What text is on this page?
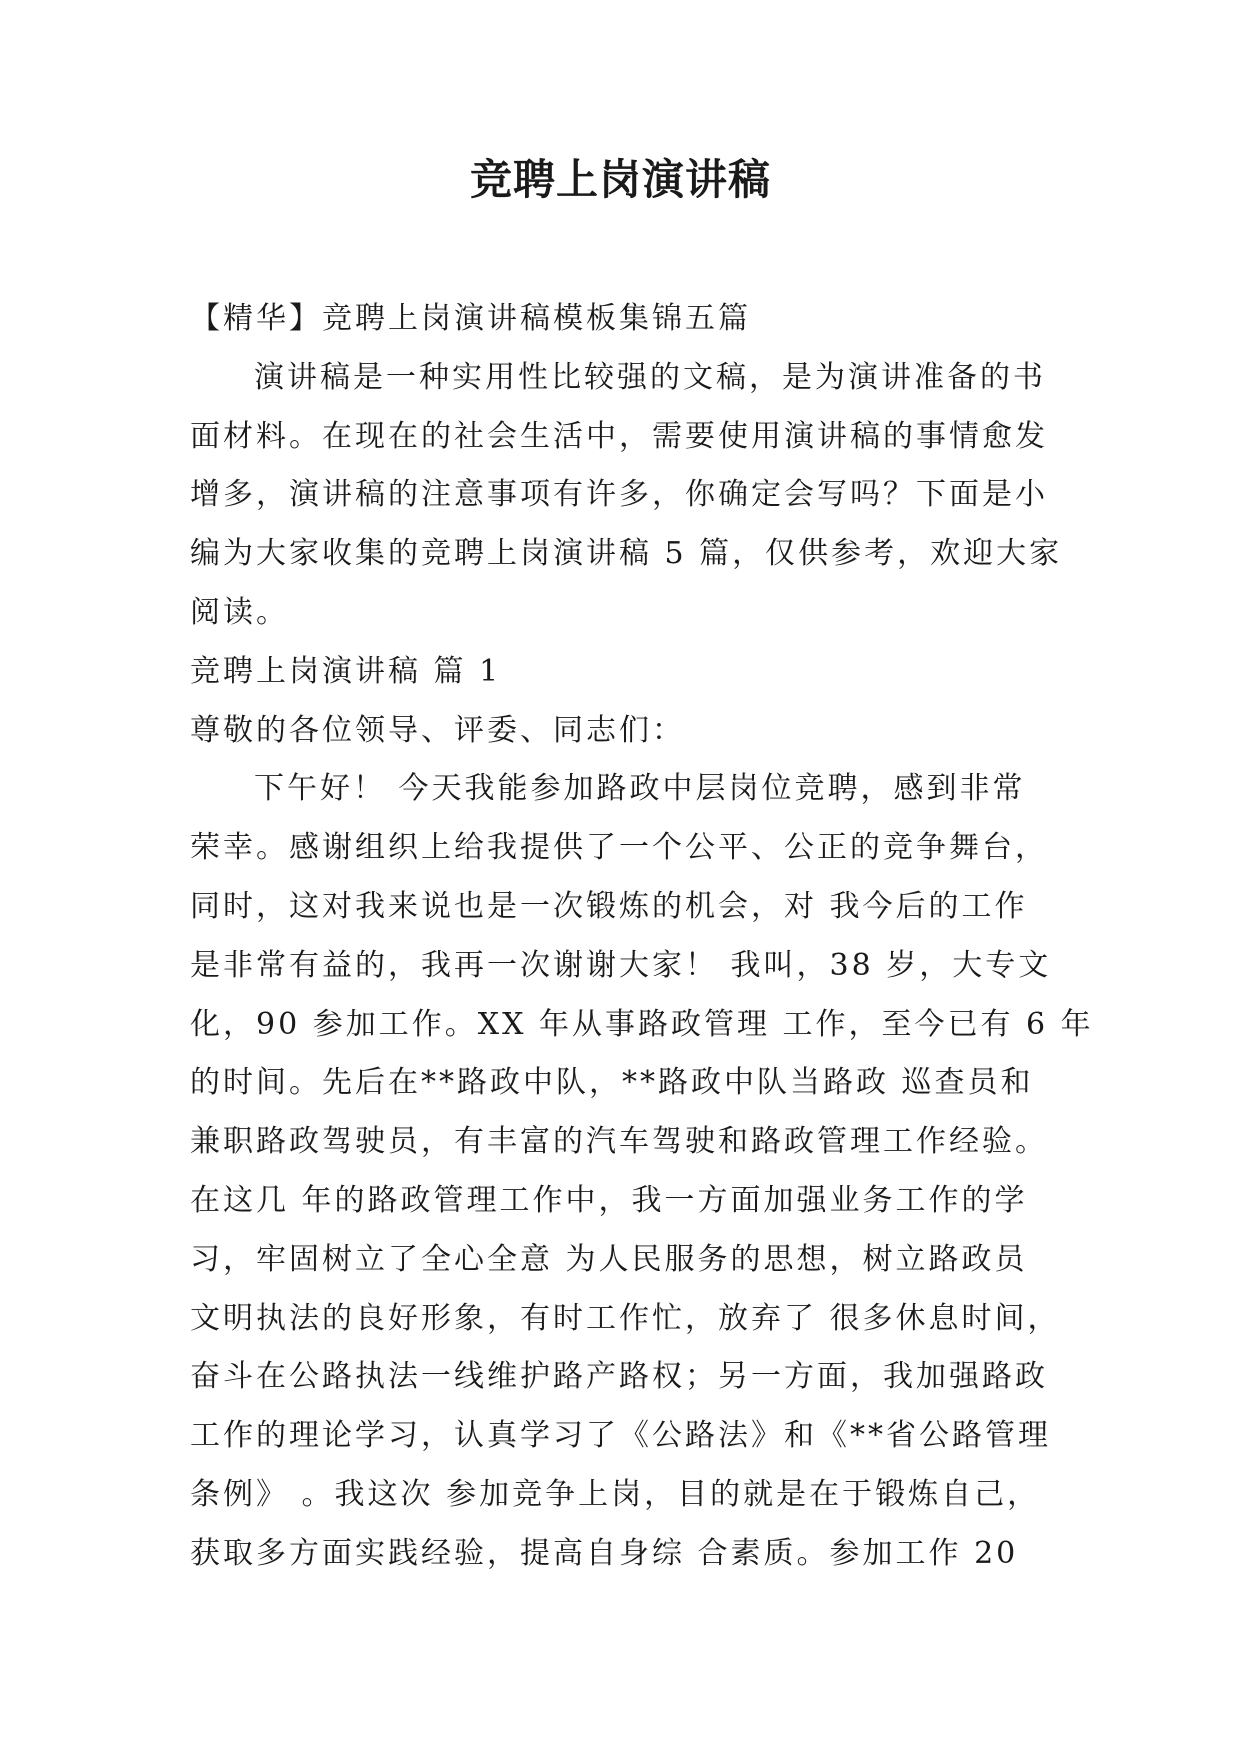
竞聘上岗演讲稿
【精华】竞聘上岗演讲稿模板集锦五篇
演讲稿是一种实用性比较强的文稿，是为演讲准备的书
面材料。在现在的社会生活中，需要使用演讲稿的事情愈发
增多，演讲稿的注意事项有许多，你确定会写吗？下面是小
编为大家收集的竞聘上岗演讲稿 5 篇，仅供参考，欢迎大家
阅读。
竞聘上岗演讲稿 篇 1
尊敬的各位领导、评委、同志们：
下午好！ 今天我能参加路政中层岗位竞聘，感到非常
荣幸。感谢组织上给我提供了一个公平、公正的竞争舞台，
同时，这对我来说也是一次锻炼的机会，对 我今后的工作
是非常有益的，我再一次谢谢大家！ 我叫，38 岁，大专文
化，90 参加工作。XX 年从事路政管理 工作，至今已有 6 年
的时间。先后在**路政中队，**路政中队当路政 巡查员和
兼职路政驾驶员，有丰富的汽车驾驶和路政管理工作经验。
在这几 年的路政管理工作中，我一方面加强业务工作的学
习，牢固树立了全心全意 为人民服务的思想，树立路政员
文明执法的良好形象，有时工作忙，放弃了 很多休息时间，
奋斗在公路执法一线维护路产路权；另一方面，我加强路政
工作的理论学习，认真学习了《公路法》和《**省公路管理
条例》 。我这次 参加竞争上岗，目的就是在于锻炼自己，
获取多方面实践经验，提高自身综 合素质。参加工作 20
